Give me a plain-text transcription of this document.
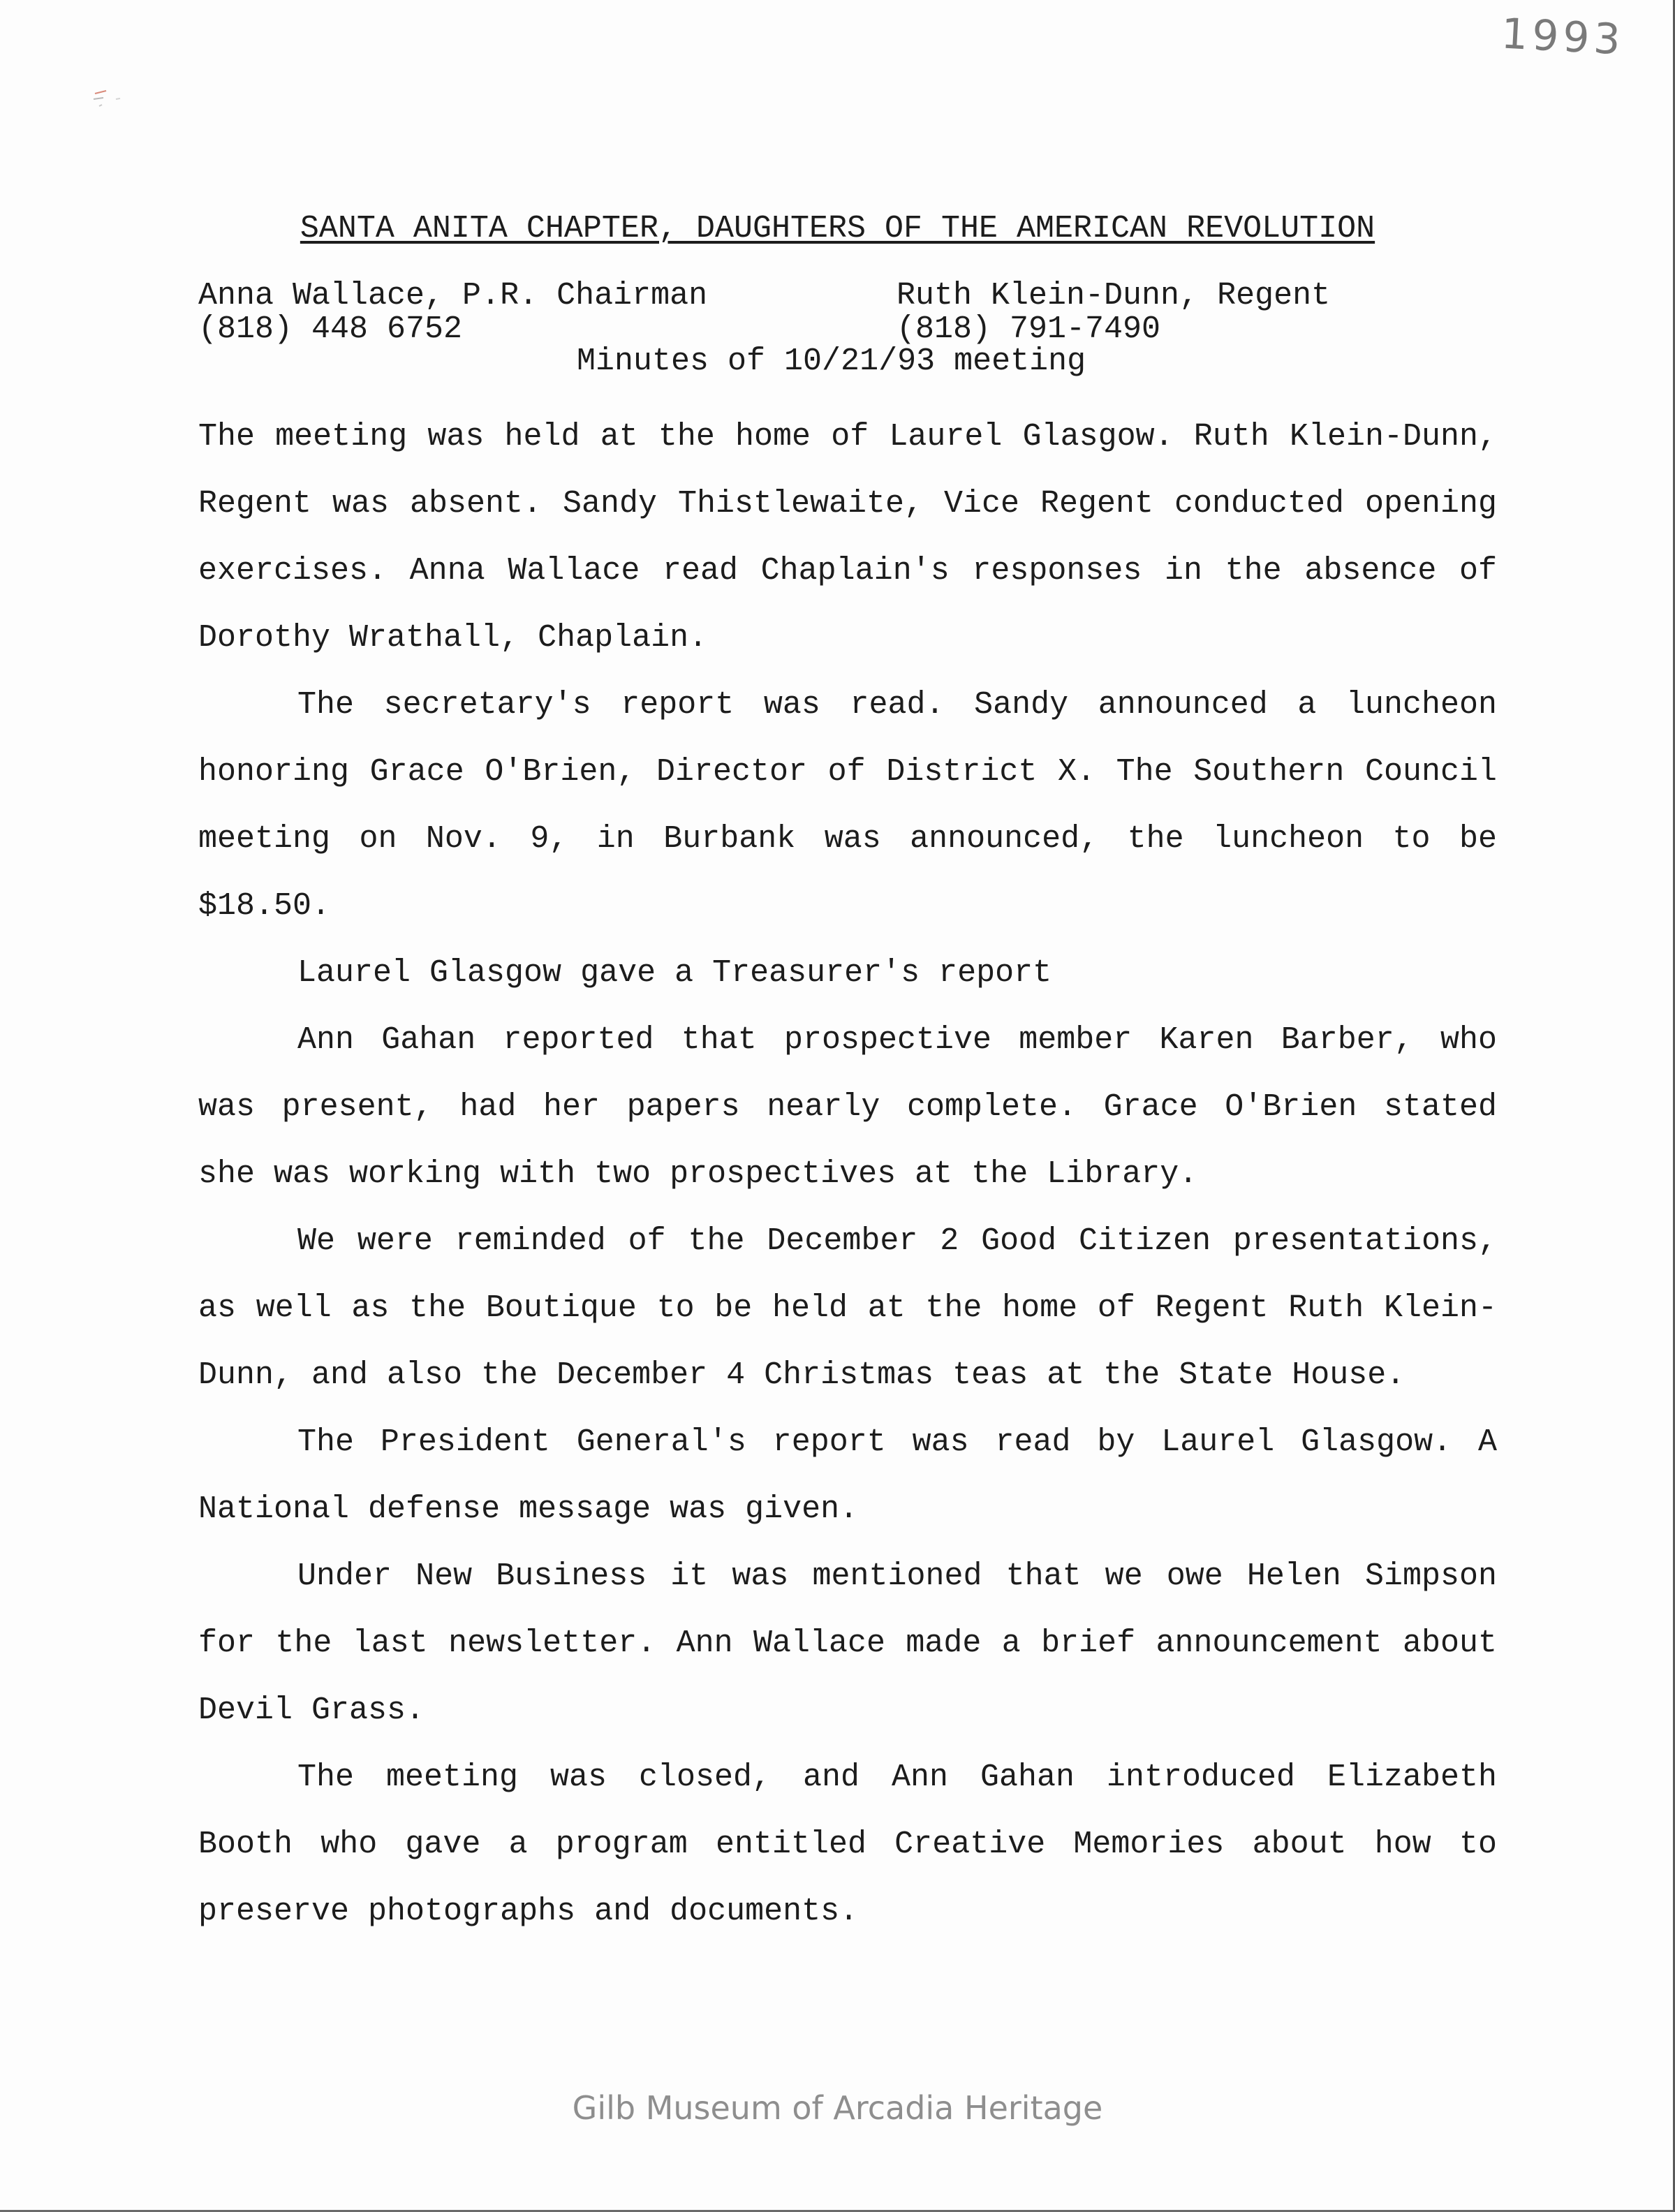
1993
SANTA ANITA CHAPTER, DAUGHTERS OF THE AMERICAN REVOLUTION
Anna Wallace, P.R. Chairman
(818) 448 6752
Ruth Klein-Dunn, Regent
(818) 791-7490
Minutes of 10/21/93 meeting

The meeting was held at the home of Laurel Glasgow. Ruth Klein-Dunn, Regent was absent. Sandy Thistlewaite, Vice Regent conducted opening exercises. Anna Wallace read Chaplain's responses in the absence of Dorothy Wrathall, Chaplain.

The secretary's report was read. Sandy announced a luncheon honoring Grace O'Brien, Director of District X. The Southern Council meeting on Nov. 9, in Burbank was announced, the luncheon to be $18.50.

Laurel Glasgow gave a Treasurer's report

Ann Gahan reported that prospective member Karen Barber, who was present, had her papers nearly complete. Grace O'Brien stated she was working with two prospectives at the Library.

We were reminded of the December 2 Good Citizen presentations, as well as the Boutique to be held at the home of Regent Ruth Klein-Dunn, and also the December 4 Christmas teas at the State House.

The President General's report was read by Laurel Glasgow. A National defense message was given.

Under New Business it was mentioned that we owe Helen Simpson for the last newsletter. Ann Wallace made a brief announcement about Devil Grass.

The meeting was closed, and Ann Gahan introduced Elizabeth Booth who gave a program entitled Creative Memories about how to preserve photographs and documents.

Gilb Museum of Arcadia Heritage
